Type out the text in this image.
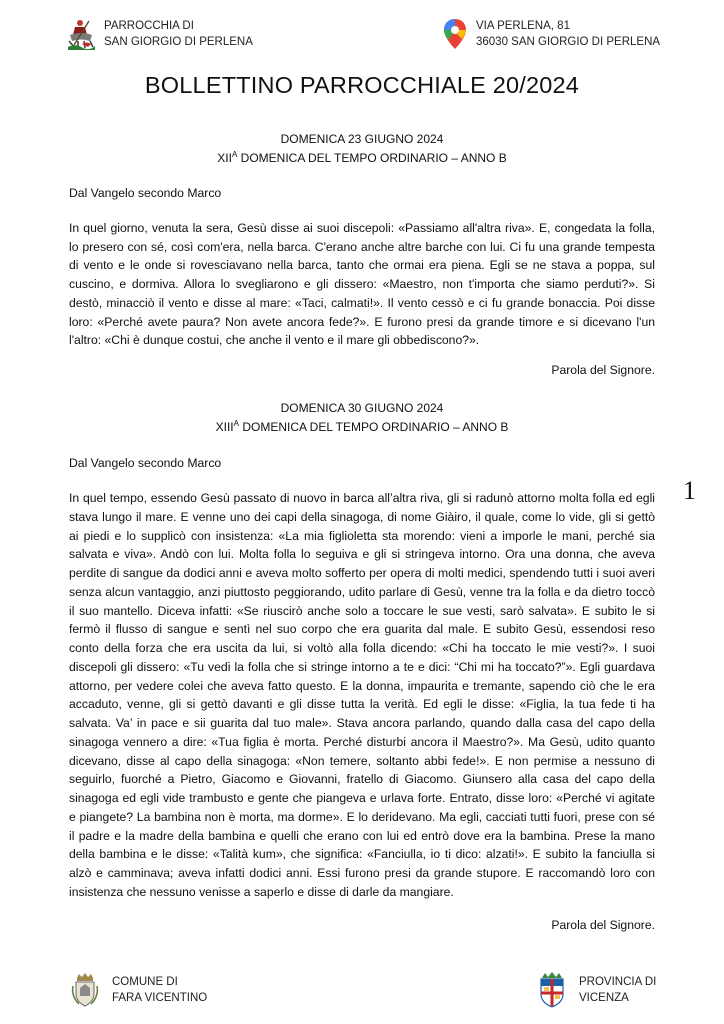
PARROCCHIA DI
SAN GIORGIO DI PERLENA
VIA PERLENA, 81
36030 SAN GIORGIO DI PERLENA
BOLLETTINO PARROCCHIALE 20/2024
DOMENICA 23 GIUGNO 2024
$XII^A$ DOMENICA DEL TEMPO ORDINARIO – ANNO B
Dal Vangelo secondo Marco

In quel giorno, venuta la sera, Gesù disse ai suoi discepoli: «Passiamo all'altra riva». E, congedata la folla, lo presero con sé, così com'era, nella barca. C'erano anche altre barche con lui. Ci fu una grande tempesta di vento e le onde si rovesciavano nella barca, tanto che ormai era piena. Egli se ne stava a poppa, sul cuscino, e dormiva. Allora lo svegliarono e gli dissero: «Maestro, non t'importa che siamo perduti?». Si destò, minacciò il vento e disse al mare: «Taci, calmati!». Il vento cessò e ci fu grande bonaccia. Poi disse loro: «Perché avete paura? Non avete ancora fede?». E furono presi da grande timore e si dicevano l'un l'altro: «Chi è dunque costui, che anche il vento e il mare gli obbediscono?».

Parola del Signore.
DOMENICA 30 GIUGNO 2024
$XIII^A$ DOMENICA DEL TEMPO ORDINARIO – ANNO B
Dal Vangelo secondo Marco

In quel tempo, essendo Gesù passato di nuovo in barca all’altra riva, gli si radunò attorno molta folla ed egli stava lungo il mare. E venne uno dei capi della sinagoga, di nome Giàiro, il quale, come lo vide, gli si gettò ai piedi e lo supplicò con insistenza: «La mia figlioletta sta morendo: vieni a imporle le mani, perché sia salvata e viva». Andò con lui. Molta folla lo seguiva e gli si stringeva intorno. Ora una donna, che aveva perdite di sangue da dodici anni e aveva molto sofferto per opera di molti medici, spendendo tutti i suoi averi senza alcun vantaggio, anzi piuttosto peggiorando, udito parlare di Gesù, venne tra la folla e da dietro toccò il suo mantello. Diceva infatti: «Se riuscirò anche solo a toccare le sue vesti, sarò salvata». E subito le si fermò il flusso di sangue e sentì nel suo corpo che era guarita dal male. E subito Gesù, essendosi reso conto della forza che era uscita da lui, si voltò alla folla dicendo: «Chi ha toccato le mie vesti?». I suoi discepoli gli dissero: «Tu vedi la folla che si stringe intorno a te e dici: “Chi mi ha toccato?”». Egli guardava attorno, per vedere colei che aveva fatto questo. E la donna, impaurita e tremante, sapendo ciò che le era accaduto, venne, gli si gettò davanti e gli disse tutta la verità. Ed egli le disse: «Figlia, la tua fede ti ha salvata. Va’ in pace e sii guarita dal tuo male». Stava ancora parlando, quando dalla casa del capo della sinagoga vennero a dire: «Tua figlia è morta. Perché disturbi ancora il Maestro?». Ma Gesù, udito quanto dicevano, disse al capo della sinagoga: «Non temere, soltanto abbi fede!». E non permise a nessuno di seguirlo, fuorché a Pietro, Giacomo e Giovanni, fratello di Giacomo. Giunsero alla casa del capo della sinagoga ed egli vide trambusto e gente che piangeva e urlava forte. Entrato, disse loro: «Perché vi agitate e piangete? La bambina non è morta, ma dorme». E lo deridevano. Ma egli, cacciati tutti fuori, prese con sé il padre e la madre della bambina e quelli che erano con lui ed entrò dove era la bambina. Prese la mano della bambina e le disse: «Talità kum», che significa: «Fanciulla, io ti dico: alzati!». E subito la fanciulla si alzò e camminava; aveva infatti dodici anni. Essi furono presi da grande stupore. E raccomandò loro con insistenza che nessuno venisse a saperlo e disse di darle da mangiare.

Parola del Signore.
1
COMUNE DI
FARA VICENTINO
PROVINCIA DI
VICENZA
